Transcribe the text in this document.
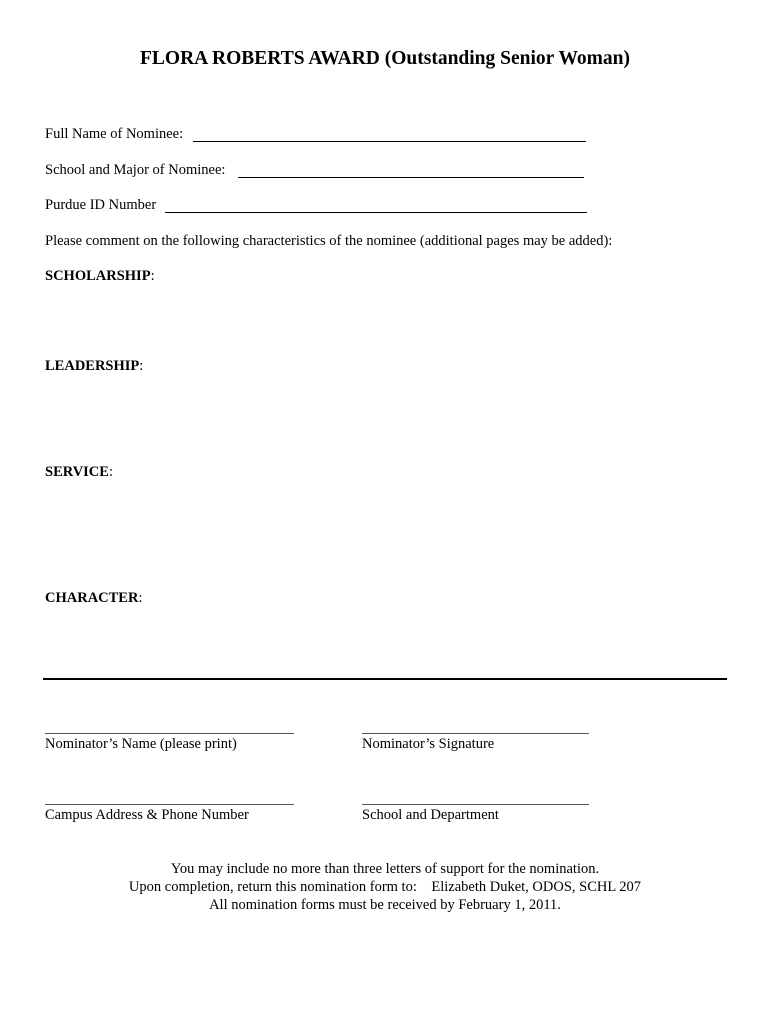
FLORA ROBERTS AWARD (Outstanding Senior Woman)
Full Name of Nominee:
School and Major of Nominee:
Purdue ID Number
Please comment on the following characteristics of the nominee (additional pages may be added):
SCHOLARSHIP:
LEADERSHIP:
SERVICE:
CHARACTER:
Nominator’s Name (please print)	Nominator’s Signature
Campus Address & Phone Number	School and Department
You may include no more than three letters of support for the nomination.
Upon completion, return this nomination form to:    Elizabeth Duket, ODOS, SCHL 207
All nomination forms must be received by February 1, 2011.
